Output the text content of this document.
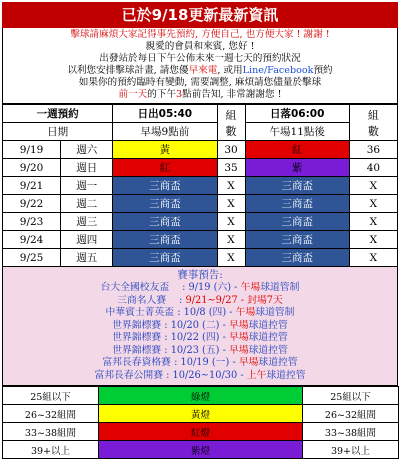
已於9/18更新最新資訊
擊球請麻煩大家記得事先預約, 方便自己, 也方便大家 ! 謝謝 !
親愛的會員和來賓, 您好 !
出發站於每日下午公佈未來一週七天的預約狀況
以利您安排擊球計畫, 請您優早來電, 或用Line/Facebook預約
如果你的預約臨時有變動, 需要調整, 麻煩請您儘量於擊球
前一天的下午3點前告知, 非常謝謝您 !
一週預約		日出05:40	組
數	日落06:00	組
數
日期		早場9點前		午場11點後	
9/19	週六	黃	30	紅	36
9/20	週日	紅	35	紫	40
9/21	週一	三商盃	X	三商盃	X
9/22	週二	三商盃	X	三商盃	X
9/23	週三	三商盃	X	三商盃	X
9/24	週四	三商盃	X	三商盃	X
9/25	週五	三商盃	X	三商盃	X
賽事預告:
台大全國校友盃　 : 9/19 (六) - 午場球道管制
三商名人賽　 : 9/21~9/27 - 封場7天
中華賓士菁英盃 : 10/8 (四) - 午場球道管制
世界錦標賽 : 10/20 (二) - 早場球道控管
世界錦標賽 : 10/22 (四) - 早場球道控管
世界錦標賽 : 10/23 (五) - 早場球道控管
富邦長春資格賽 : 10/19 (一) - 早場球道控管
富邦長春公開賽 : 10/26~10/30 - 上午球道控管
25組以下	綠燈	25組以下
26~32組間	黃燈	26~32組間
33~38組間	紅燈	33~38組間
39+以上	紫燈	39+以上
